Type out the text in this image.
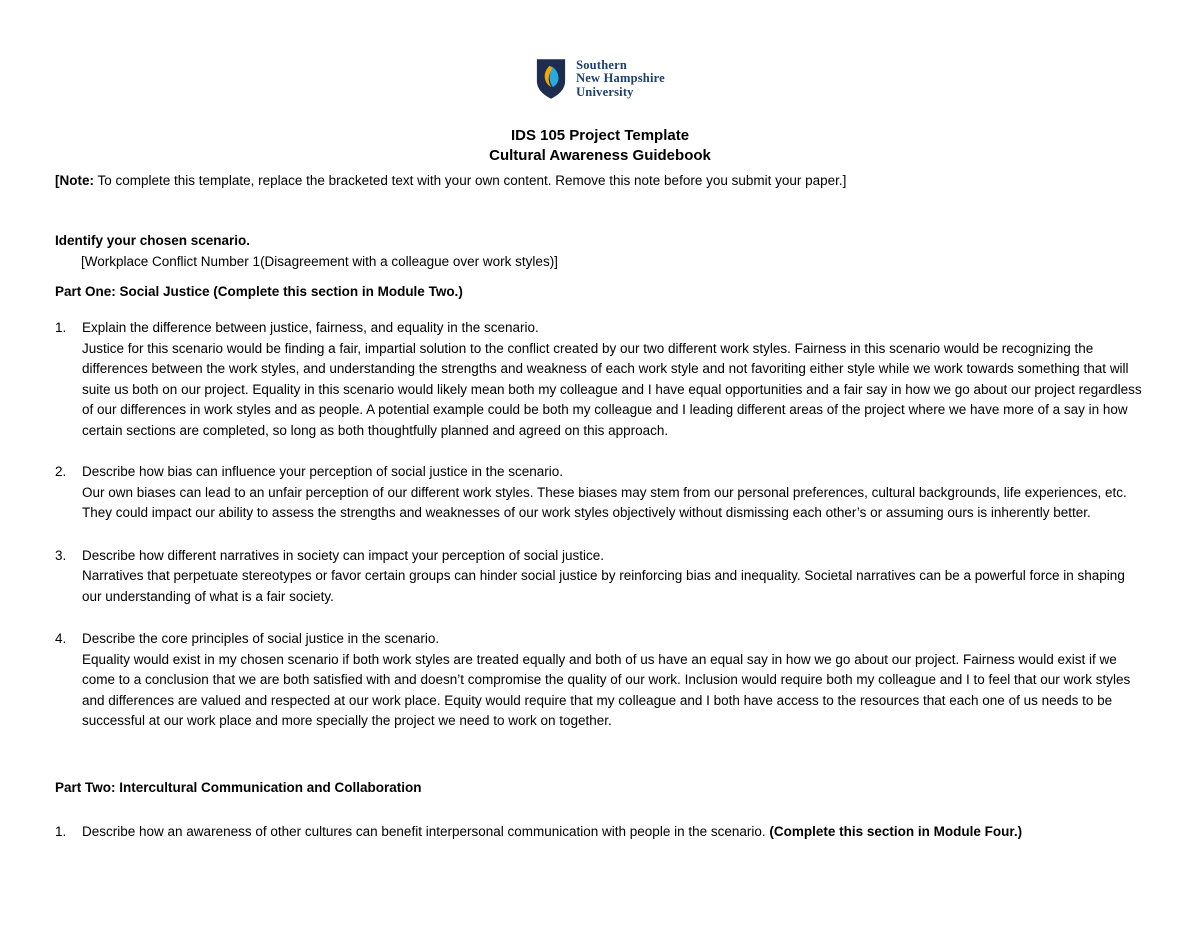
Southern
New Hampshire
University
IDS 105 Project Template
Cultural Awareness Guidebook

[Note: To complete this template, replace the bracketed text with your own content. Remove this note before you submit your paper.]

Identify your chosen scenario.
[Workplace Conflict Number 1(Disagreement with a colleague over work styles)]
Part One: Social Justice (Complete this section in Module Two.)
1.	Explain the difference between justice, fairness, and equality in the scenario.
Justice for this scenario would be finding a fair, impartial solution to the conflict created by our two different work styles. Fairness in this scenario would be recognizing the differences between the work styles, and understanding the strengths and weakness of each work style and not favoriting either style while we work towards something that will suite us both on our project. Equality in this scenario would likely mean both my colleague and I have equal opportunities and a fair say in how we go about our project regardless of our differences in work styles and as people. A potential example could be both my colleague and I leading different areas of the project where we have more of a say in how certain sections are completed, so long as both thoughtfully planned and agreed on this approach.
2.	Describe how bias can influence your perception of social justice in the scenario.
Our own biases can lead to an unfair perception of our different work styles. These biases may stem from our personal preferences, cultural backgrounds, life experiences, etc. They could impact our ability to assess the strengths and weaknesses of our work styles objectively without dismissing each other’s or assuming ours is inherently better.
3.	Describe how different narratives in society can impact your perception of social justice.
Narratives that perpetuate stereotypes or favor certain groups can hinder social justice by reinforcing bias and inequality. Societal narratives can be a powerful force in shaping our understanding of what is a fair society.
4.	Describe the core principles of social justice in the scenario.
Equality would exist in my chosen scenario if both work styles are treated equally and both of us have an equal say in how we go about our project. Fairness would exist if we come to a conclusion that we are both satisfied with and doesn’t compromise the quality of our work. Inclusion would require both my colleague and I to feel that our work styles and differences are valued and respected at our work place. Equity would require that my colleague and I both have access to the resources that each one of us needs to be successful at our work place and more specially the project we need to work on together.
Part Two: Intercultural Communication and Collaboration
1.	Describe how an awareness of other cultures can benefit interpersonal communication with people in the scenario. (Complete this section in Module Four.)
